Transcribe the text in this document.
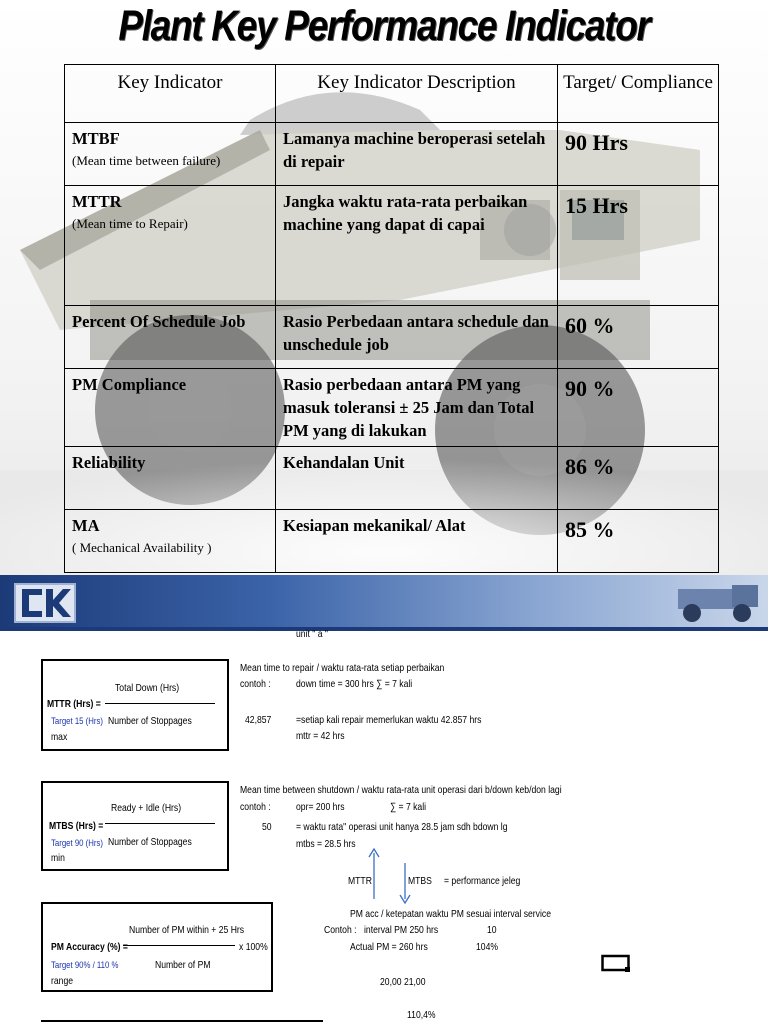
Plant Key Performance Indicator
Key Indicator	Key Indicator Description	Target/ Compliance
MTBF
(Mean time between failure)	Lamanya machine beroperasi setelah di repair	90 Hrs
MTTR
(Mean time to Repair)	Jangka waktu rata-rata perbaikan machine yang dapat di capai	15 Hrs
Percent Of Schedule Job	Rasio Perbedaan antara schedule dan unschedule job	60 %
PM Compliance	Rasio perbedaan antara PM yang masuk toleransi ± 25 Jam dan Total PM yang di lakukan	90 %
Reliability	Kehandalan Unit	86 %
MA
( Mechanical Availability )	Kesiapan mekanikal/ Alat	85 %
unit " a "
Total Down (Hrs)
MTTR (Hrs) =
Target 15 (Hrs) Number of Stoppages
max
Mean time to repair / waktu rata-rata setiap perbaikan
contoh : down time = 300 hrs ∑ = 7 kali
42,857 =setiap kali repair memerlukan waktu 42.857 hrs
mttr = 42 hrs
Ready + Idle (Hrs)
MTBS (Hrs) =
Target 90 (Hrs) Number of Stoppages
min
Mean time between shutdown / waktu rata-rata unit operasi dari b/down keb/don lagi
contoh : opr= 200 hrs	∑ = 7 kali
50 = waktu rata" operasi unit hanya 28.5 jam sdh bdown lg
mtbs = 28.5 hrs
MTTR	MTBS = performance jeleg
Number of PM within + 25 Hrs
PM Accuracy (%) =	x 100%
Target 90% / 110 %	Number of PM
range
PM acc / ketepatan waktu PM sesuai interval service
Contoh : interval PM 250 hrs	10
Actual PM = 260 hrs	104%
20,00 21,00
110,4%
